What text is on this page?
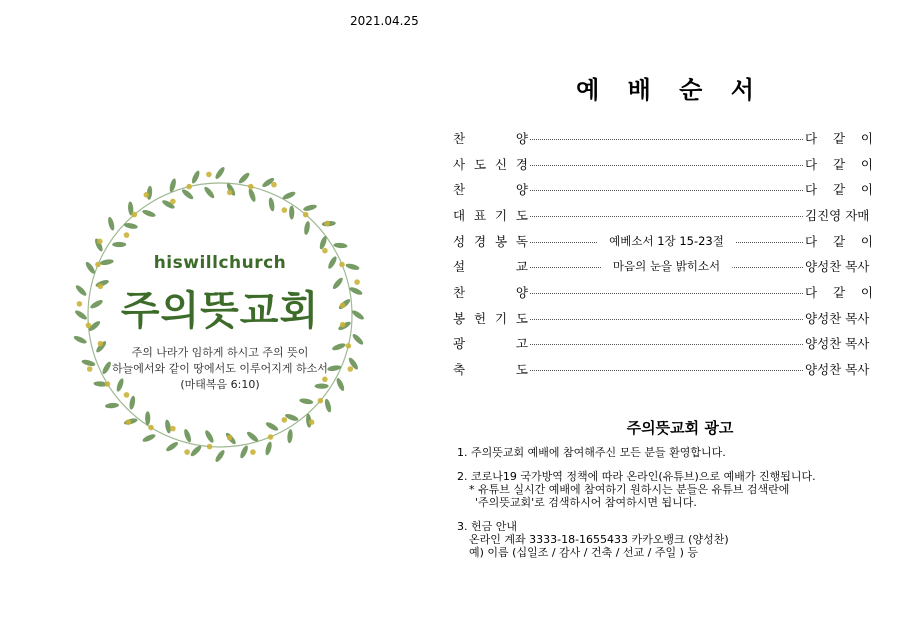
2021.04.25
hiswillchurch
주의뜻교회
주의 나라가 임하게 하시고 주의 뜻이
하늘에서와 같이 땅에서도 이루어지게 하소서
(마태복음 6:10)
예 배 순 서
찬	양	다 같 이
사 도 신 경	다 같 이
찬	양	다 같 이
대 표 기 도	김진영 자매
성 경 봉 독	예베소서 1장 15-23절	다 같 이
설	교	마음의 눈을 밝히소서	양성찬 목사
찬	양	다 같 이
봉 헌 기 도	양성찬 목사
광	고	양성찬 목사
축	도	양성찬 목사
주의뜻교회 광고
1. 주의뜻교회 예배에 참여해주신 모든 분들 환영합니다.
2. 코로나19 국가방역 정책에 따라 온라인(유튜브)으로 예배가 진행됩니다.
* 유튜브 실시간 예배에 참여하기 원하시는 분들은 유튜브 검색란에
'주의뜻교회'로 검색하시어 참여하시면 됩니다.
3. 헌금 안내
온라인 계좌 3333-18-1655433 카카오뱅크 (양성찬)
예) 이름 (십일조 / 감사 / 건축 / 선교 / 주일 ) 등
